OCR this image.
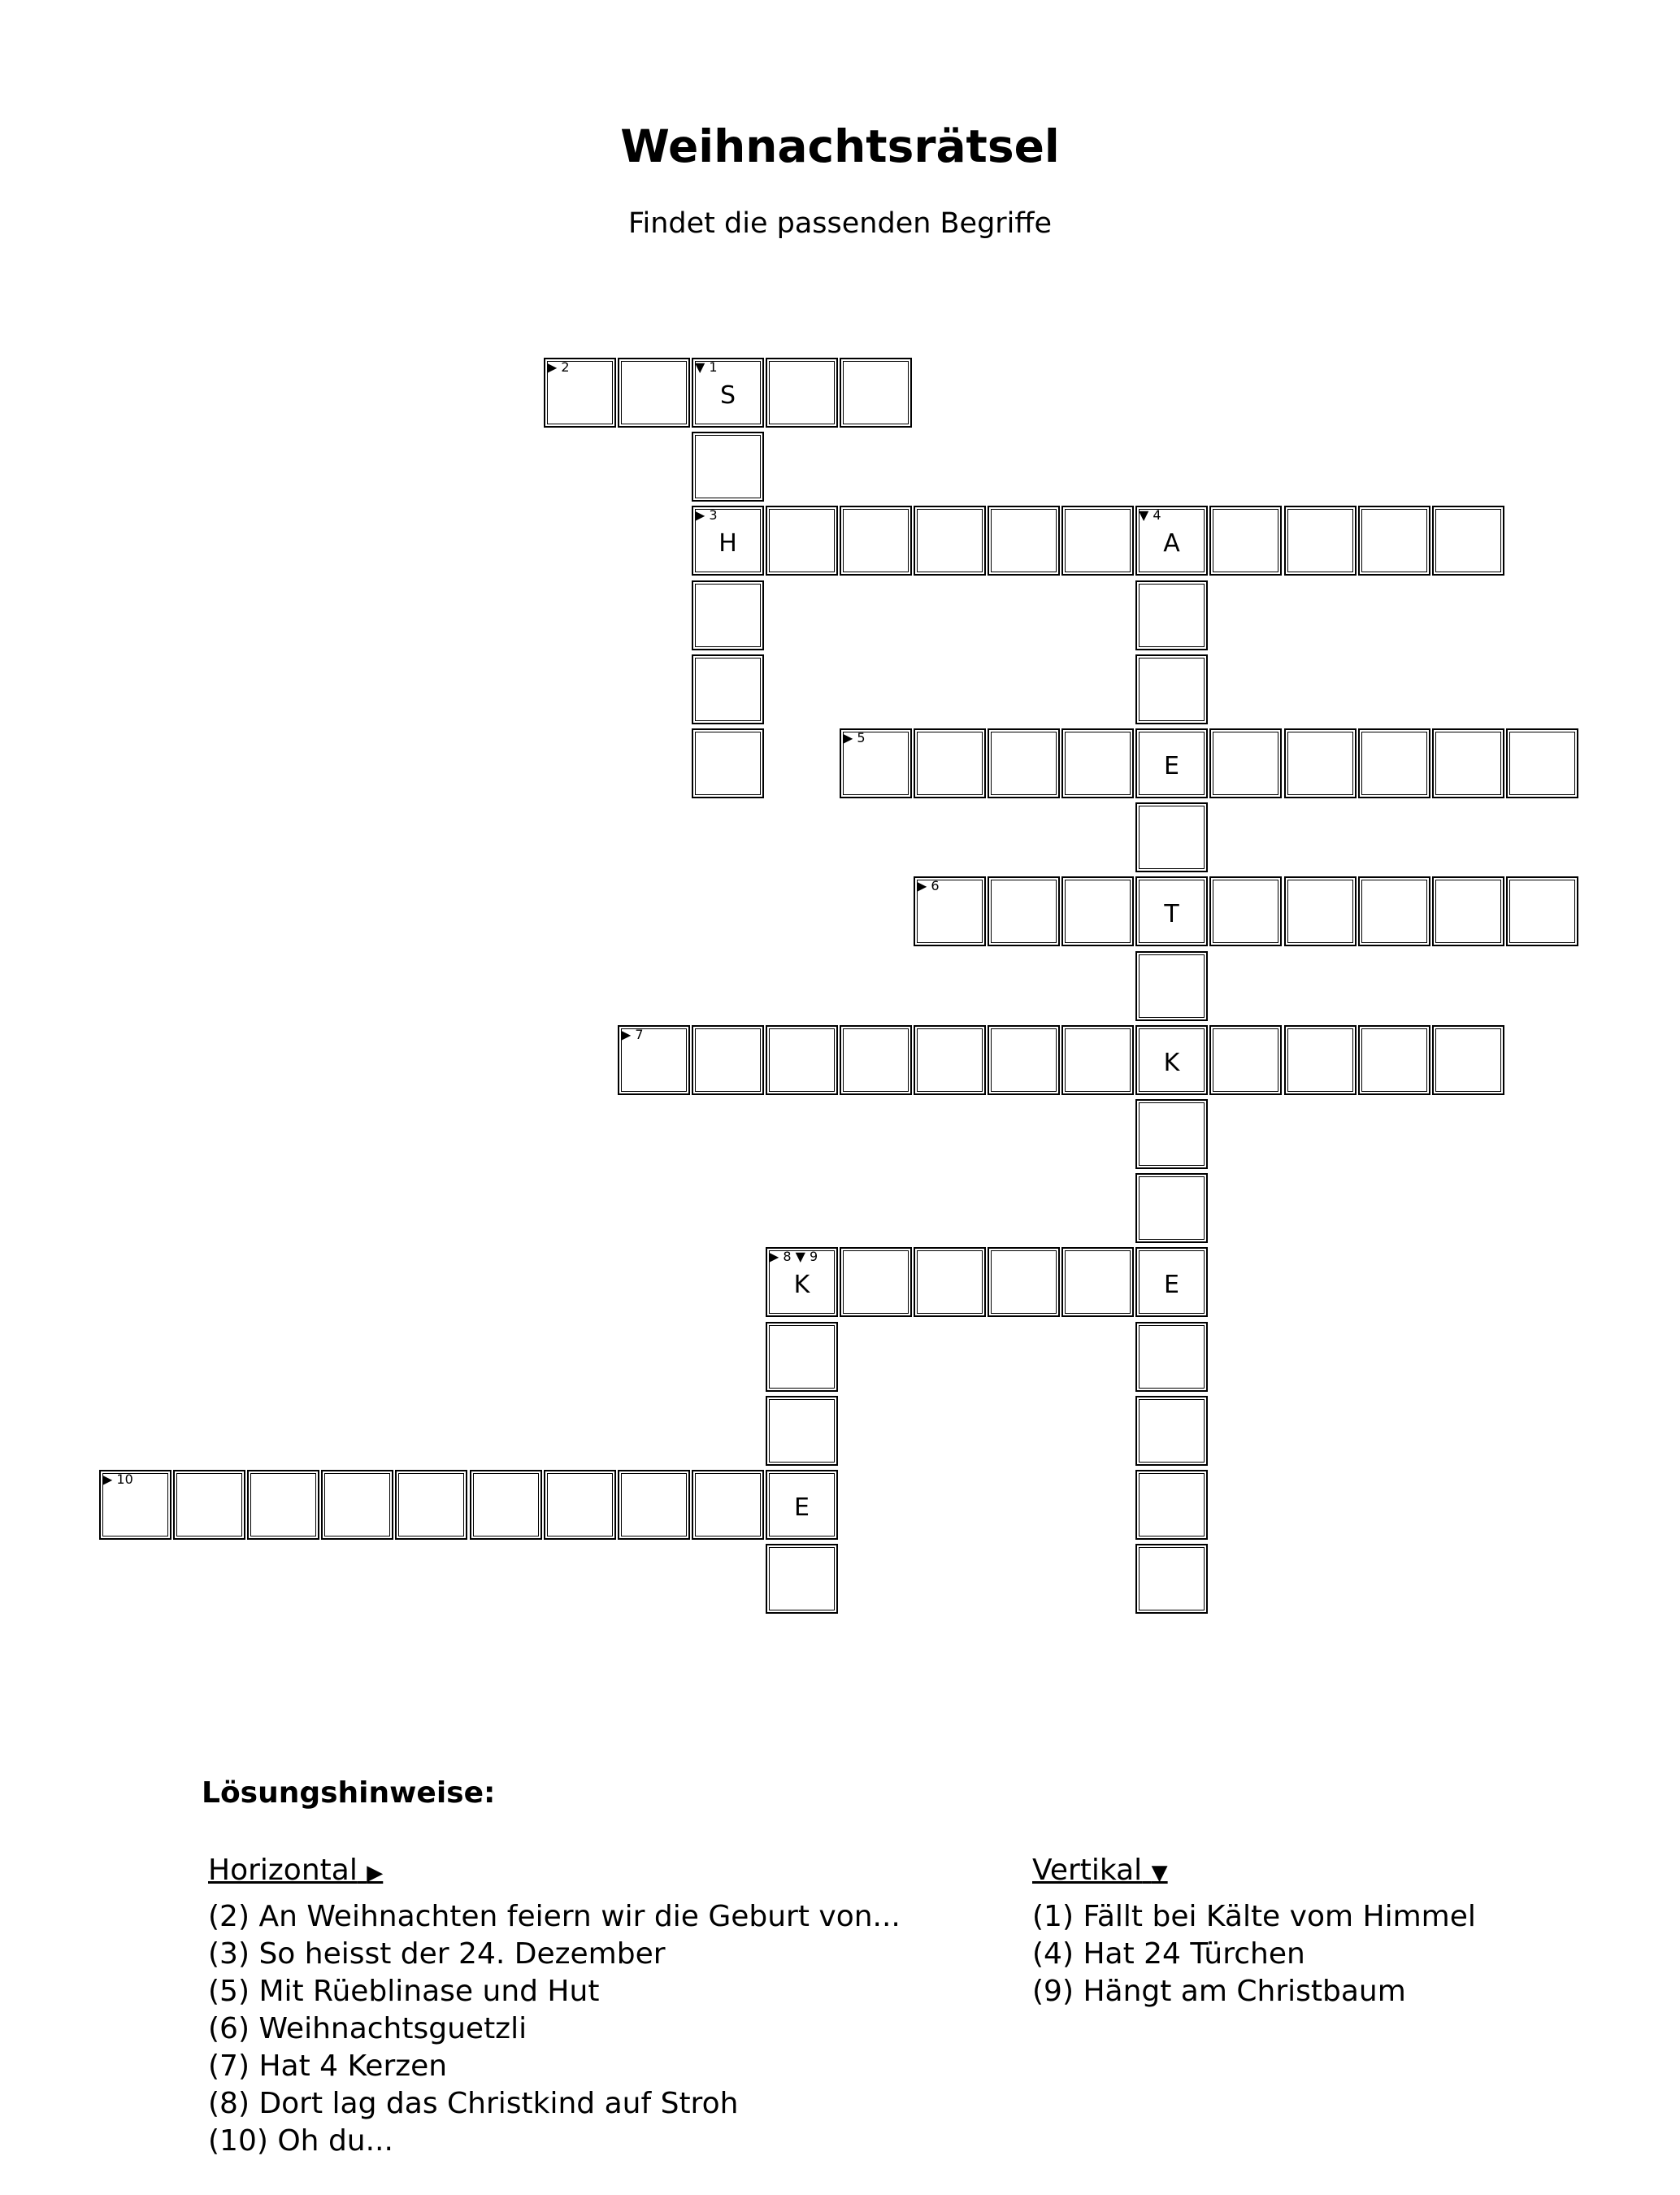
Weihnachtsrätsel
Findet die passenden Begriffe
▶ 2	▼ 1
S
▶ 3
H
▼ 4
A
▶ 5
E
▶ 6
T
▶ 7
K
▶ 8 ▼ 9
K	E
▶ 10
E
Lösungshinweise:
Horizontal ▶
(2) An Weihnachten feiern wir die Geburt von...
(3) So heisst der 24. Dezember
(5) Mit Rüeblinase und Hut
(6) Weihnachtsguetzli
(7) Hat 4 Kerzen
(8) Dort lag das Christkind auf Stroh
(10) Oh du...
Vertikal ▼
(1) Fällt bei Kälte vom Himmel
(4) Hat 24 Türchen
(9) Hängt am Christbaum
